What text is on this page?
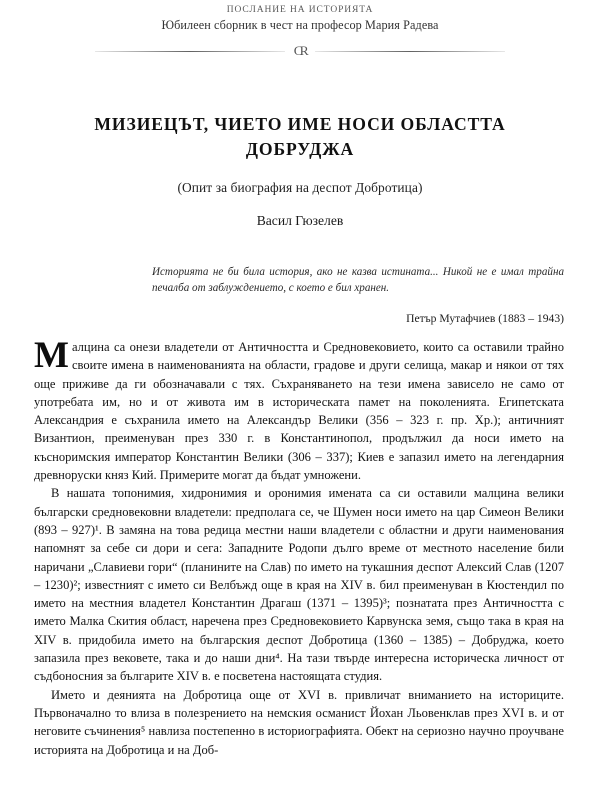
ПОСЛАНИЕ НА ИСТОРИЯТА
Юбилеен сборник в чест на професор Мария Радева
CR
МИЗИЕЦЪТ, ЧИЕТО ИМЕ НОСИ ОБЛАСТТА ДОБРУДЖА
(Опит за биография на деспот Добротица)
Васил Гюзелев
Историята не би била история, ако не казва истината... Никой не е имал трайна печалба от заблуждението, с което е бил хранен.
Петър Мутафчиев (1883 – 1943)

Малцина са онези владетели от Античността и Средновековието, които са оставили трайно своите имена в наименованията на области, градове и други селища, макар и някои от тях още приживе да ги обозначавали с тях. Съхраняването на тези имена зависело не само от употребата им, но и от живота им в историческата памет на поколенията. Египетската Александрия е съхранила името на Александър Велики (356 – 323 г. пр. Хр.); античният Византион, преименуван през 330 г. в Константинопол, продължил да носи името на късноримския император Константин Велики (306 – 337); Киев е запазил името на легендарния древноруски княз Кий. Примерите могат да бъдат умножени.

В нашата топонимия, хидронимия и оронимия имената са си оставили малцина велики български средновековни владетели: предполага се, че Шумен носи името на цар Симеон Велики (893 – 927)¹. В замяна на това редица местни наши владетели с областни и други наименования напомнят за себе си дори и сега: Западните Родопи дълго време от местното население били наричани „Славиеви гори“ (планините на Слав) по името на тукашния деспот Алексий Слав (1207 – 1230)²; известният с името си Велбъжд още в края на XIV в. бил преименуван в Кюстендил по името на местния владетел Константин Драгаш (1371 – 1395)³; познатата през Античността с името Малка Скития област, наречена през Средновековието Карвунска земя, също така в края на XIV в. придобила името на българския деспот Добротица (1360 – 1385) – Добруджа, което запазила през вековете, така и до наши дни⁴. На тази твърде интересна историческа личност от съдбоносния за българите XIV в. е посветена настоящата студия.

Името и деянията на Добротица още от XVI в. привличат вниманието на историците. Първоначално то влиза в полезрението на немския османист Йохан Льовенклав през XVI в. и от неговите съчинения⁵ навлиза постепенно в историографията. Обект на сериозно научно проучване историята на Добротица и на Доб-
